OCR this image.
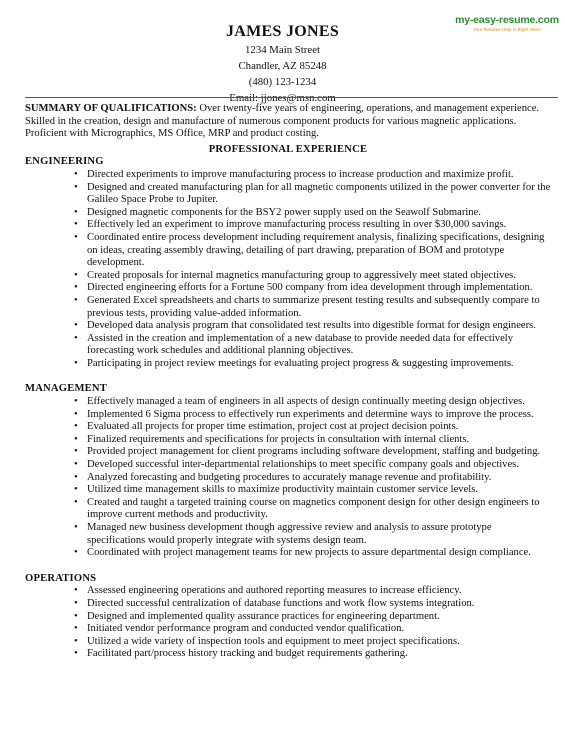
my-easy-resume.com
Your Resume Help Is Right Here!
JAMES JONES
1234 Main Street
Chandler, AZ 85248
(480) 123-1234
Email: jjones@msn.com

SUMMARY OF QUALIFICATIONS: Over twenty-five years of engineering, operations, and management experience. Skilled in the creation, design and manufacture of numerous component products for various magnetic applications. Proficient with Micrographics, MS Office, MRP and product costing.

PROFESSIONAL EXPERIENCE
ENGINEERING
• Directed experiments to improve manufacturing process to increase production and maximize profit.
• Designed and created manufacturing plan for all magnetic components utilized in the power converter for the Galileo Space Probe to Jupiter.
• Designed magnetic components for the BSY2 power supply used on the Seawolf Submarine.
• Effectively led an experiment to improve manufacturing process resulting in over $30,000 savings.
• Coordinated entire process development including requirement analysis, finalizing specifications, designing on ideas, creating assembly drawing, detailing of part drawing, preparation of BOM and prototype development.
• Created proposals for internal magnetics manufacturing group to aggressively meet stated objectives.
• Directed engineering efforts for a Fortune 500 company from idea development through implementation.
• Generated Excel spreadsheets and charts to summarize present testing results and subsequently compare to previous tests, providing value-added information.
• Developed data analysis program that consolidated test results into digestible format for design engineers.
• Assisted in the creation and implementation of a new database to provide needed data for effectively forecasting work schedules and additional planning objectives.
• Participating in project review meetings for evaluating project progress & suggesting improvements.
MANAGEMENT
• Effectively managed a team of engineers in all aspects of design continually meeting design objectives.
• Implemented 6 Sigma process to effectively run experiments and determine ways to improve the process.
• Evaluated all projects for proper time estimation, project cost at project decision points.
• Finalized requirements and specifications for projects in consultation with internal clients.
• Provided project management for client programs including software development, staffing and budgeting.
• Developed successful inter-departmental relationships to meet specific company goals and objectives.
• Analyzed forecasting and budgeting procedures to accurately manage revenue and profitability.
• Utilized time management skills to maximize productivity maintain customer service levels.
• Created and taught a targeted training course on magnetics component design for other design engineers to improve current methods and productivity.
• Managed new business development though aggressive review and analysis to assure prototype specifications would properly integrate with systems design team.
• Coordinated with project management teams for new projects to assure departmental design compliance.
OPERATIONS
• Assessed engineering operations and authored reporting measures to increase efficiency.
• Directed successful centralization of database functions and work flow systems integration.
• Designed and implemented quality assurance practices for engineering department.
• Initiated vendor performance program and conducted vendor qualification.
• Utilized a wide variety of inspection tools and equipment to meet project specifications.
• Facilitated part/process history tracking and budget requirements gathering.
